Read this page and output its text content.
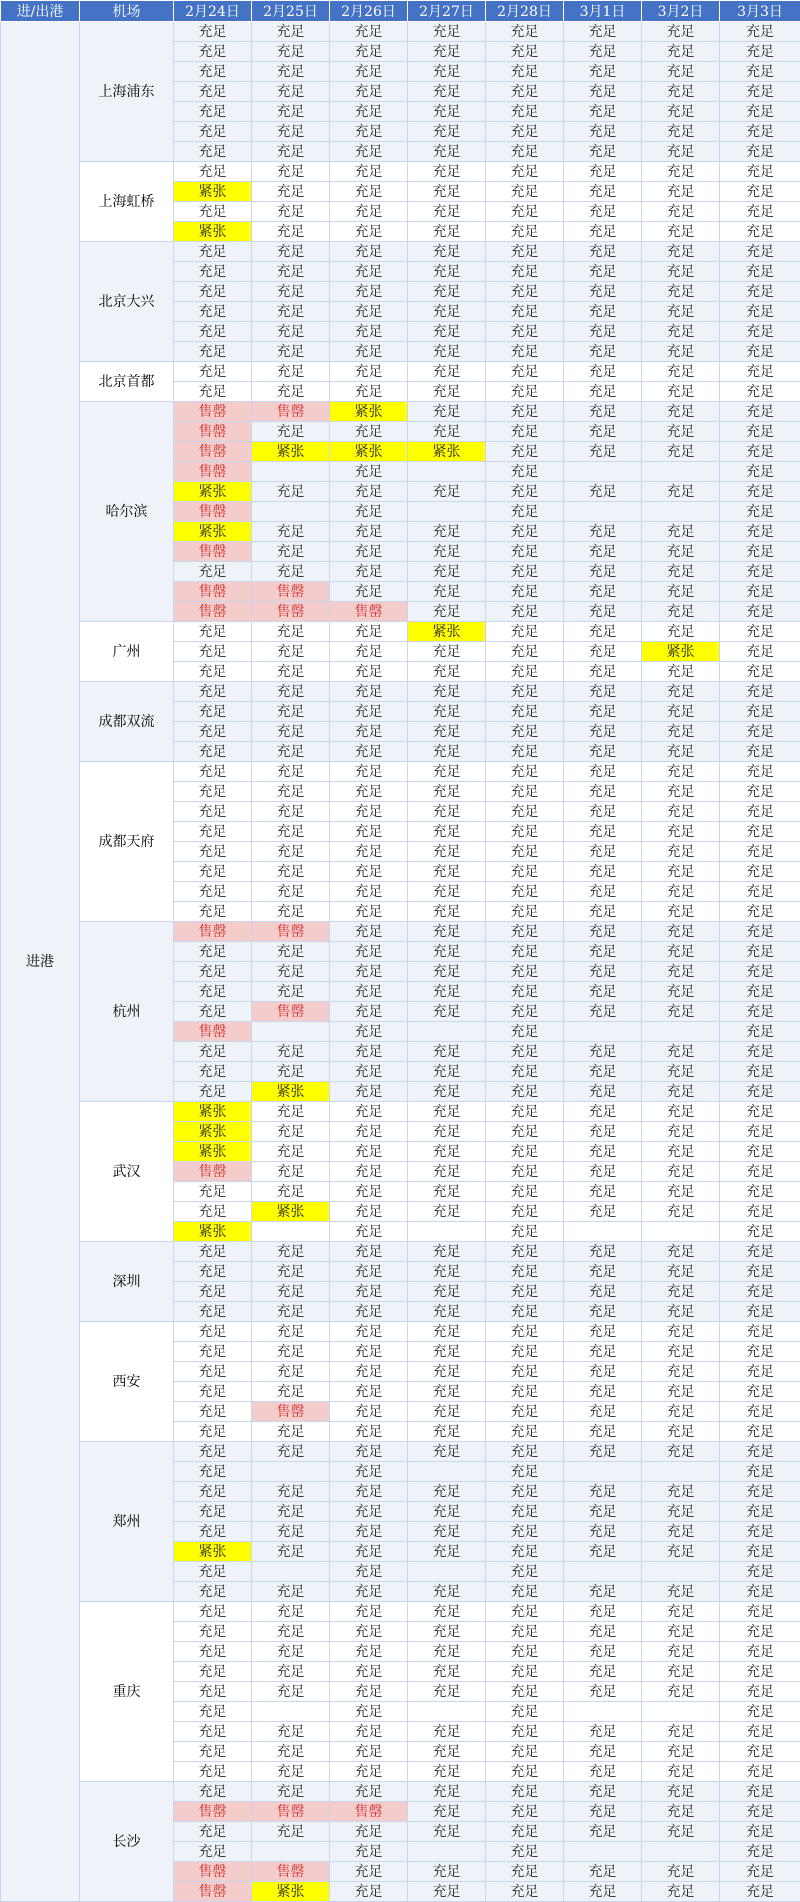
进/出港	机场	2月24日	2月25日	2月26日	2月27日	2月28日	3月1日	3月2日	3月3日
进港	上海浦东	充足	充足	充足	充足	充足	充足	充足	充足
		充足	充足	充足	充足	充足	充足	充足	充足
		充足	充足	充足	充足	充足	充足	充足	充足
		充足	充足	充足	充足	充足	充足	充足	充足
		充足	充足	充足	充足	充足	充足	充足	充足
		充足	充足	充足	充足	充足	充足	充足	充足
		充足	充足	充足	充足	充足	充足	充足	充足
	上海虹桥	充足	充足	充足	充足	充足	充足	充足	充足
		紧张	充足	充足	充足	充足	充足	充足	充足
		充足	充足	充足	充足	充足	充足	充足	充足
		紧张	充足	充足	充足	充足	充足	充足	充足
	北京大兴	充足	充足	充足	充足	充足	充足	充足	充足
		充足	充足	充足	充足	充足	充足	充足	充足
		充足	充足	充足	充足	充足	充足	充足	充足
		充足	充足	充足	充足	充足	充足	充足	充足
		充足	充足	充足	充足	充足	充足	充足	充足
		充足	充足	充足	充足	充足	充足	充足	充足
	北京首都	充足	充足	充足	充足	充足	充足	充足	充足
		充足	充足	充足	充足	充足	充足	充足	充足
	哈尔滨	售罄	售罄	紧张	充足	充足	充足	充足	充足
		售罄	充足	充足	充足	充足	充足	充足	充足
		售罄	紧张	紧张	紧张	充足	充足	充足	充足
		售罄		充足		充足			充足
		紧张	充足	充足	充足	充足	充足	充足	充足
		售罄		充足		充足			充足
		紧张	充足	充足	充足	充足	充足	充足	充足
		售罄	充足	充足	充足	充足	充足	充足	充足
		充足	充足	充足	充足	充足	充足	充足	充足
		售罄	售罄	充足	充足	充足	充足	充足	充足
		售罄	售罄	售罄	充足	充足	充足	充足	充足
	广州	充足	充足	充足	紧张	充足	充足	充足	充足
		充足	充足	充足	充足	充足	充足	紧张	充足
		充足	充足	充足	充足	充足	充足	充足	充足
	成都双流	充足	充足	充足	充足	充足	充足	充足	充足
		充足	充足	充足	充足	充足	充足	充足	充足
		充足	充足	充足	充足	充足	充足	充足	充足
		充足	充足	充足	充足	充足	充足	充足	充足
	成都天府	充足	充足	充足	充足	充足	充足	充足	充足
		充足	充足	充足	充足	充足	充足	充足	充足
		充足	充足	充足	充足	充足	充足	充足	充足
		充足	充足	充足	充足	充足	充足	充足	充足
		充足	充足	充足	充足	充足	充足	充足	充足
		充足	充足	充足	充足	充足	充足	充足	充足
		充足	充足	充足	充足	充足	充足	充足	充足
		充足	充足	充足	充足	充足	充足	充足	充足
	杭州	售罄	售罄	充足	充足	充足	充足	充足	充足
		充足	充足	充足	充足	充足	充足	充足	充足
		充足	充足	充足	充足	充足	充足	充足	充足
		充足	充足	充足	充足	充足	充足	充足	充足
		充足	售罄	充足	充足	充足	充足	充足	充足
		售罄		充足		充足			充足
		充足	充足	充足	充足	充足	充足	充足	充足
		充足	充足	充足	充足	充足	充足	充足	充足
		充足	紧张	充足	充足	充足	充足	充足	充足
	武汉	紧张	充足	充足	充足	充足	充足	充足	充足
		紧张	充足	充足	充足	充足	充足	充足	充足
		紧张	充足	充足	充足	充足	充足	充足	充足
		售罄	充足	充足	充足	充足	充足	充足	充足
		充足	充足	充足	充足	充足	充足	充足	充足
		充足	紧张	充足	充足	充足	充足	充足	充足
		紧张		充足		充足			充足
	深圳	充足	充足	充足	充足	充足	充足	充足	充足
		充足	充足	充足	充足	充足	充足	充足	充足
		充足	充足	充足	充足	充足	充足	充足	充足
		充足	充足	充足	充足	充足	充足	充足	充足
	西安	充足	充足	充足	充足	充足	充足	充足	充足
		充足	充足	充足	充足	充足	充足	充足	充足
		充足	充足	充足	充足	充足	充足	充足	充足
		充足	充足	充足	充足	充足	充足	充足	充足
		充足	售罄	充足	充足	充足	充足	充足	充足
		充足	充足	充足	充足	充足	充足	充足	充足
	郑州	充足	充足	充足	充足	充足	充足	充足	充足
		充足		充足		充足			充足
		充足	充足	充足	充足	充足	充足	充足	充足
		充足	充足	充足	充足	充足	充足	充足	充足
		充足	充足	充足	充足	充足	充足	充足	充足
		紧张	充足	充足	充足	充足	充足	充足	充足
		充足		充足		充足			充足
		充足	充足	充足	充足	充足	充足	充足	充足
	重庆	充足	充足	充足	充足	充足	充足	充足	充足
		充足	充足	充足	充足	充足	充足	充足	充足
		充足	充足	充足	充足	充足	充足	充足	充足
		充足	充足	充足	充足	充足	充足	充足	充足
		充足	充足	充足	充足	充足	充足	充足	充足
		充足		充足		充足			充足
		充足	充足	充足	充足	充足	充足	充足	充足
		充足	充足	充足	充足	充足	充足	充足	充足
		充足	充足	充足	充足	充足	充足	充足	充足
	长沙	充足	充足	充足	充足	充足	充足	充足	充足
		售罄	售罄	售罄	充足	充足	充足	充足	充足
		充足	充足	充足	充足	充足	充足	充足	充足
		充足		充足		充足			充足
		售罄	售罄	充足	充足	充足	充足	充足	充足
		售罄	紧张	充足	充足	充足	充足	充足	充足
